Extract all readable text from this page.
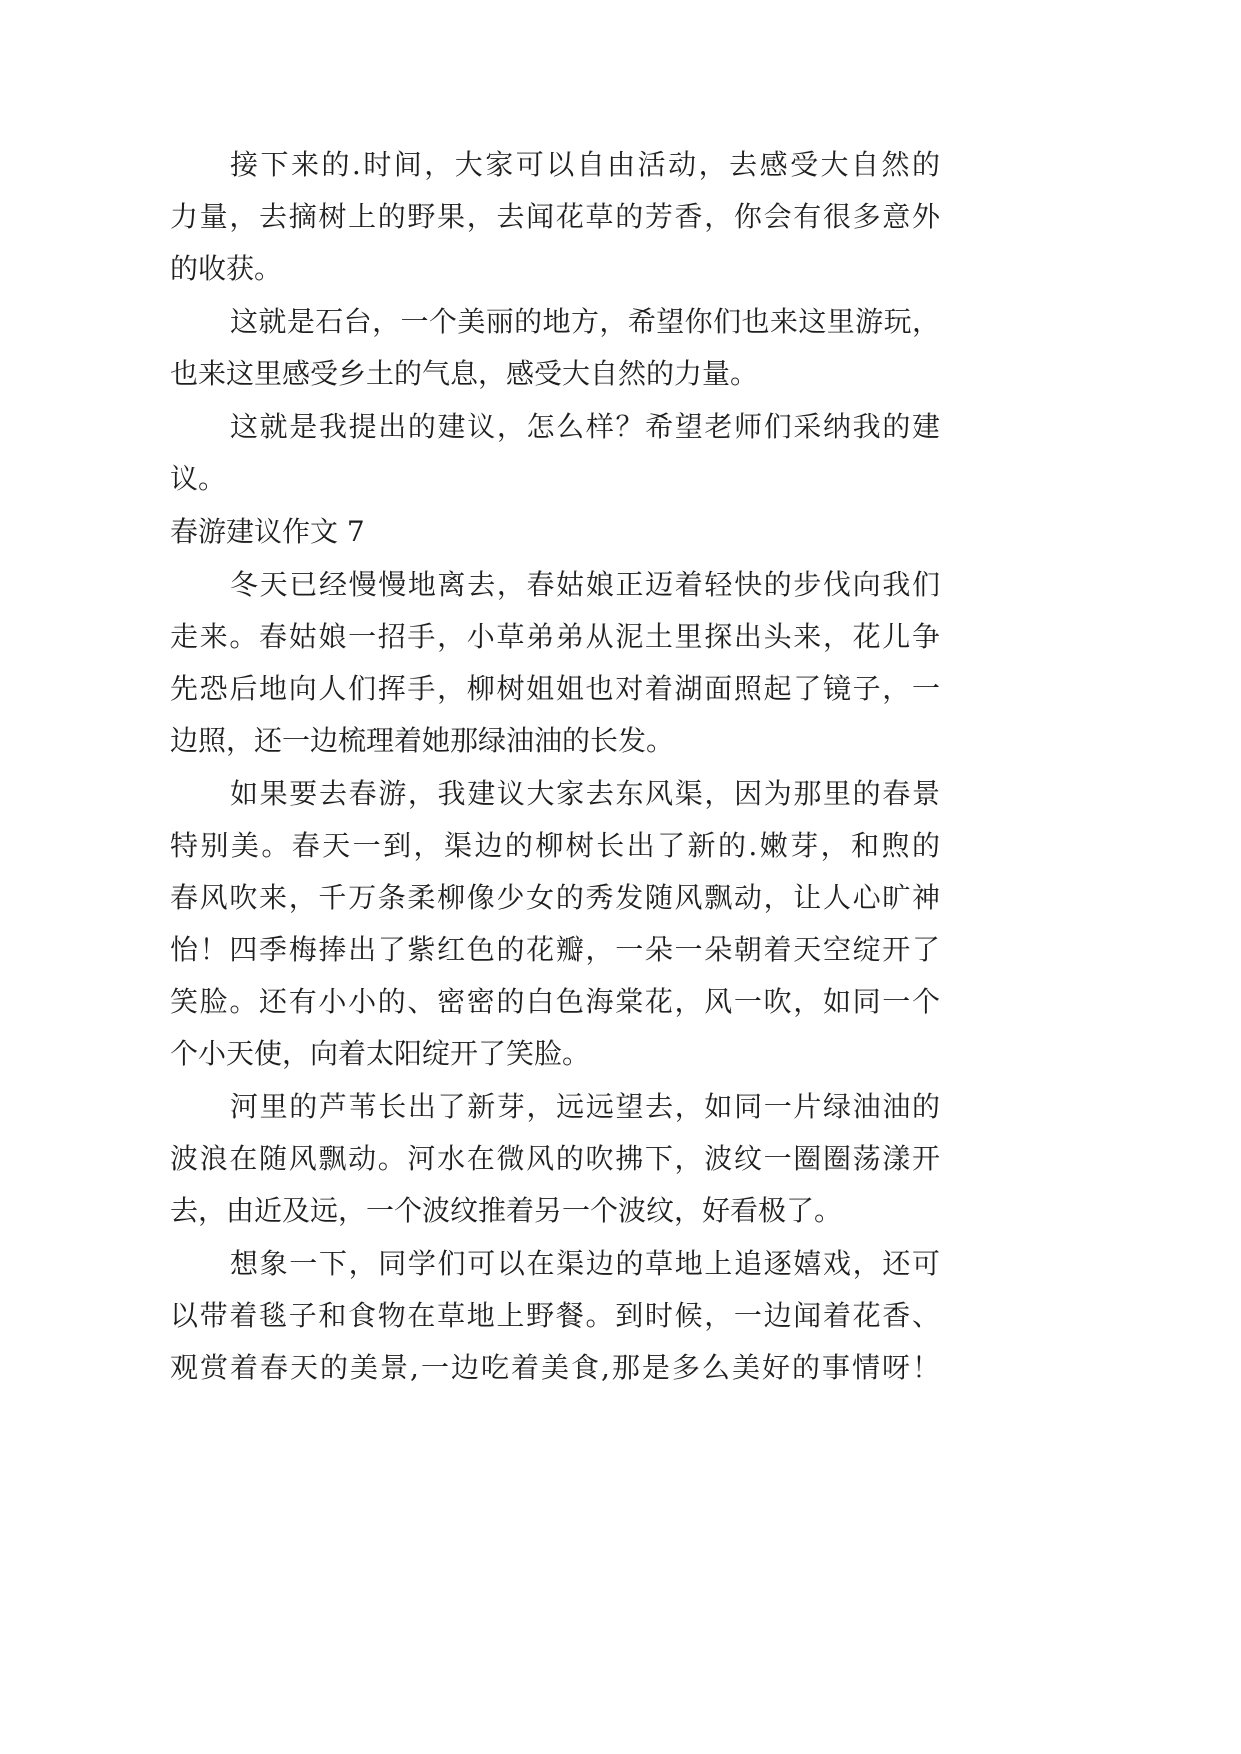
接下来的.时间，大家可以自由活动，去感受大自然的
力量，去摘树上的野果，去闻花草的芳香，你会有很多意外
的收获。
这就是石台，一个美丽的地方，希望你们也来这里游玩，
也来这里感受乡土的气息，感受大自然的力量。
这就是我提出的建议，怎么样？希望老师们采纳我的建
议。
春游建议作文 7
冬天已经慢慢地离去，春姑娘正迈着轻快的步伐向我们
走来。春姑娘一招手，小草弟弟从泥土里探出头来，花儿争
先恐后地向人们挥手，柳树姐姐也对着湖面照起了镜子，一
边照，还一边梳理着她那绿油油的长发。
如果要去春游，我建议大家去东风渠，因为那里的春景
特别美。春天一到，渠边的柳树长出了新的.嫩芽，和煦的
春风吹来，千万条柔柳像少女的秀发随风飘动，让人心旷神
怡！四季梅捧出了紫红色的花瓣，一朵一朵朝着天空绽开了
笑脸。还有小小的、密密的白色海棠花，风一吹，如同一个
个小天使，向着太阳绽开了笑脸。
河里的芦苇长出了新芽，远远望去，如同一片绿油油的
波浪在随风飘动。河水在微风的吹拂下，波纹一圈圈荡漾开
去，由近及远，一个波纹推着另一个波纹，好看极了。
想象一下，同学们可以在渠边的草地上追逐嬉戏，还可
以带着毯子和食物在草地上野餐。到时候，一边闻着花香、
观赏着春天的美景,一边吃着美食,那是多么美好的事情呀！
